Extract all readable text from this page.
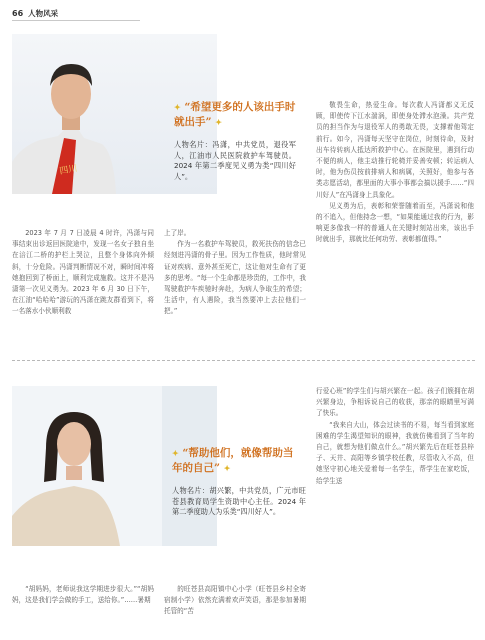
66 人物风采
四川
✦ “希望更多的人该出手时
就出手” ✦
人物名片：冯潇，中共党员，退役军人，江油市人民医院救护车驾驶员。2024 年第二季度见义勇为类“四川好人”。

2023 年 7 月 7 日凌晨 4 时许，冯潇与同事结束出诊返回医院途中，发现一名女子独自坐在涪江二桥的护栏上哭泣，且整个身体向外倾斜，十分危险。冯潇判断情况不对，瞬时间冲将她抱回到了桥面上，顺利完成施救。这并不是冯潇第一次见义勇为。2023 年 6 月 30 日下午，在江油“哈哈哈”游玩的冯潇在跳友群看到下，将一名落水小伙顺利救

上了岸。

作为一名救护车驾驶员，救死扶伤的信念已经刻进冯潇的骨子里。因为工作性质，他时常见证对疾病、意外甚至死亡，这让他对生命有了更多的思考。“每一个生命都是珍贵的，工作中，我驾驶救护车疾驰时奔赴，为病人争取生的希望；生活中，有人遇险，我当然要冲上去拉他们一把。”

敬畏生命，热爱生命。每次救人冯潇都义无反顾，即使传下江水湍涡，即使身处滞水泡澡。共产党员的担当作为与退役军人的勇敢无畏，支撑着他驾定前行。如今，冯潇每天坚守在岗位，时刻待命，及时出车待转病人抵达所救护中心。在医院里，遇到行动不便的病人，他主动推行轮椅并妥善安顿；转运病人时，他为伤员按前排病人和病属，关照好，他参与各类志愿活动，都里面的大事小事都会搞以援手……“四川好人”在冯潇身上具象化。

见义勇为后，表彰和荣誉随着而至，冯潇说和他的不追入，但他持念一想，“如果能通过我的行为，影响更多像我一样的普通人在关键时刻站出来，该出手时就出手，那就比任何功劳、表彰都值得。”

✦ “帮助他们，就像帮助当
年的自己” ✦
人物名片：胡兴繁，中共党员，广元市旺苍县教育局学生资助中心主任。2024 年第二季度助人为乐类“四川好人”。

“胡妈妈，老师说我这学期进步很大。”“胡妈妈，这是我们学会做的手工，送给你。”……暑期

的旺苍县高阳镇中心小学（旺苍县乡村全寄宿制小学）依然充满着欢声笑语，那是参加暑期托管的“苦

行爱心班”的学生们与胡兴繁在一起。孩子们簇拥在胡兴繁身边，争相诉说自己的收获，那亲的眼睛里写满了快乐。

“我来自大山，体会过读书的不易，每当看到家庭困难的学生渴望知识的眼神，我就仿佛看到了当年的自己，就想为他们做点什么。”胡兴繁先后在旺苍县梓子、天井、高阳等乡镇学校任教，尽管收入不高，但她坚守初心地关爱着每一名学生，帮学生在家吃饭，给学生送
